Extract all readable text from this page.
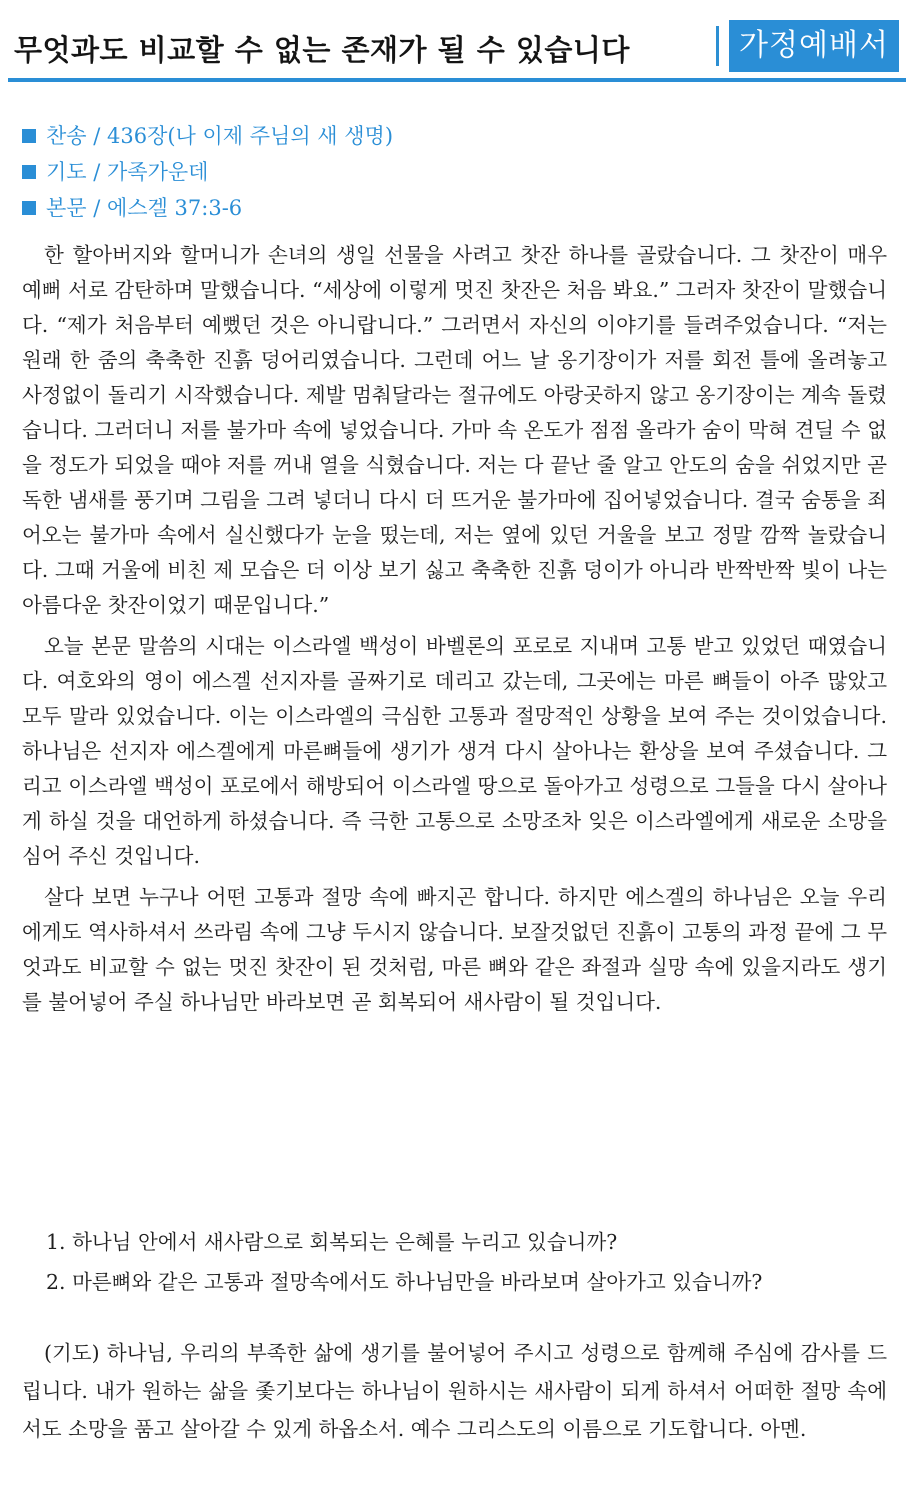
무엇과도 비교할 수 없는 존재가 될 수 있습니다	가정예배서
찬송 / 436장(나 이제 주님의 새 생명)
기도 / 가족가운데
본문 / 에스겔 37:3-6

한 할아버지와 할머니가 손녀의 생일 선물을 사려고 찻잔 하나를 골랐습니다. 그 찻잔이 매우 예뻐 서로 감탄하며 말했습니다. “세상에 이렇게 멋진 찻잔은 처음 봐요.” 그러자 찻잔이 말했습니다. “제가 처음부터 예뻤던 것은 아니랍니다.” 그러면서 자신의 이야기를 들려주었습니다. “저는 원래 한 줌의 축축한 진흙 덩어리였습니다. 그런데 어느 날 옹기장이가 저를 회전 틀에 올려놓고 사정없이 돌리기 시작했습니다. 제발 멈춰달라는 절규에도 아랑곳하지 않고 옹기장이는 계속 돌렸습니다. 그러더니 저를 불가마 속에 넣었습니다. 가마 속 온도가 점점 올라가 숨이 막혀 견딜 수 없을 정도가 되었을 때야 저를 꺼내 열을 식혔습니다. 저는 다 끝난 줄 알고 안도의 숨을 쉬었지만 곧 독한 냄새를 풍기며 그림을 그려 넣더니 다시 더 뜨거운 불가마에 집어넣었습니다. 결국 숨통을 죄어오는 불가마 속에서 실신했다가 눈을 떴는데, 저는 옆에 있던 거울을 보고 정말 깜짝 놀랐습니다. 그때 거울에 비친 제 모습은 더 이상 보기 싫고 축축한 진흙 덩이가 아니라 반짝반짝 빛이 나는 아름다운 찻잔이었기 때문입니다.”

오늘 본문 말씀의 시대는 이스라엘 백성이 바벨론의 포로로 지내며 고통 받고 있었던 때였습니다. 여호와의 영이 에스겔 선지자를 골짜기로 데리고 갔는데, 그곳에는 마른 뼈들이 아주 많았고 모두 말라 있었습니다. 이는 이스라엘의 극심한 고통과 절망적인 상황을 보여 주는 것이었습니다. 하나님은 선지자 에스겔에게 마른뼈들에 생기가 생겨 다시 살아나는 환상을 보여 주셨습니다. 그리고 이스라엘 백성이 포로에서 해방되어 이스라엘 땅으로 돌아가고 성령으로 그들을 다시 살아나게 하실 것을 대언하게 하셨습니다. 즉 극한 고통으로 소망조차 잊은 이스라엘에게 새로운 소망을 심어 주신 것입니다.

살다 보면 누구나 어떤 고통과 절망 속에 빠지곤 합니다. 하지만 에스겔의 하나님은 오늘 우리에게도 역사하셔서 쓰라림 속에 그냥 두시지 않습니다. 보잘것없던 진흙이 고통의 과정 끝에 그 무엇과도 비교할 수 없는 멋진 찻잔이 된 것처럼, 마른 뼈와 같은 좌절과 실망 속에 있을지라도 생기를 불어넣어 주실 하나님만 바라보면 곧 회복되어 새사람이 될 것입니다.

1. 하나님 안에서 새사람으로 회복되는 은혜를 누리고 있습니까?
2. 마른뼈와 같은 고통과 절망속에서도 하나님만을 바라보며 살아가고 있습니까?

(기도) 하나님, 우리의 부족한 삶에 생기를 불어넣어 주시고 성령으로 함께해 주심에 감사를 드립니다. 내가 원하는 삶을 좇기보다는 하나님이 원하시는 새사람이 되게 하셔서 어떠한 절망 속에서도 소망을 품고 살아갈 수 있게 하옵소서. 예수 그리스도의 이름으로 기도합니다. 아멘.
